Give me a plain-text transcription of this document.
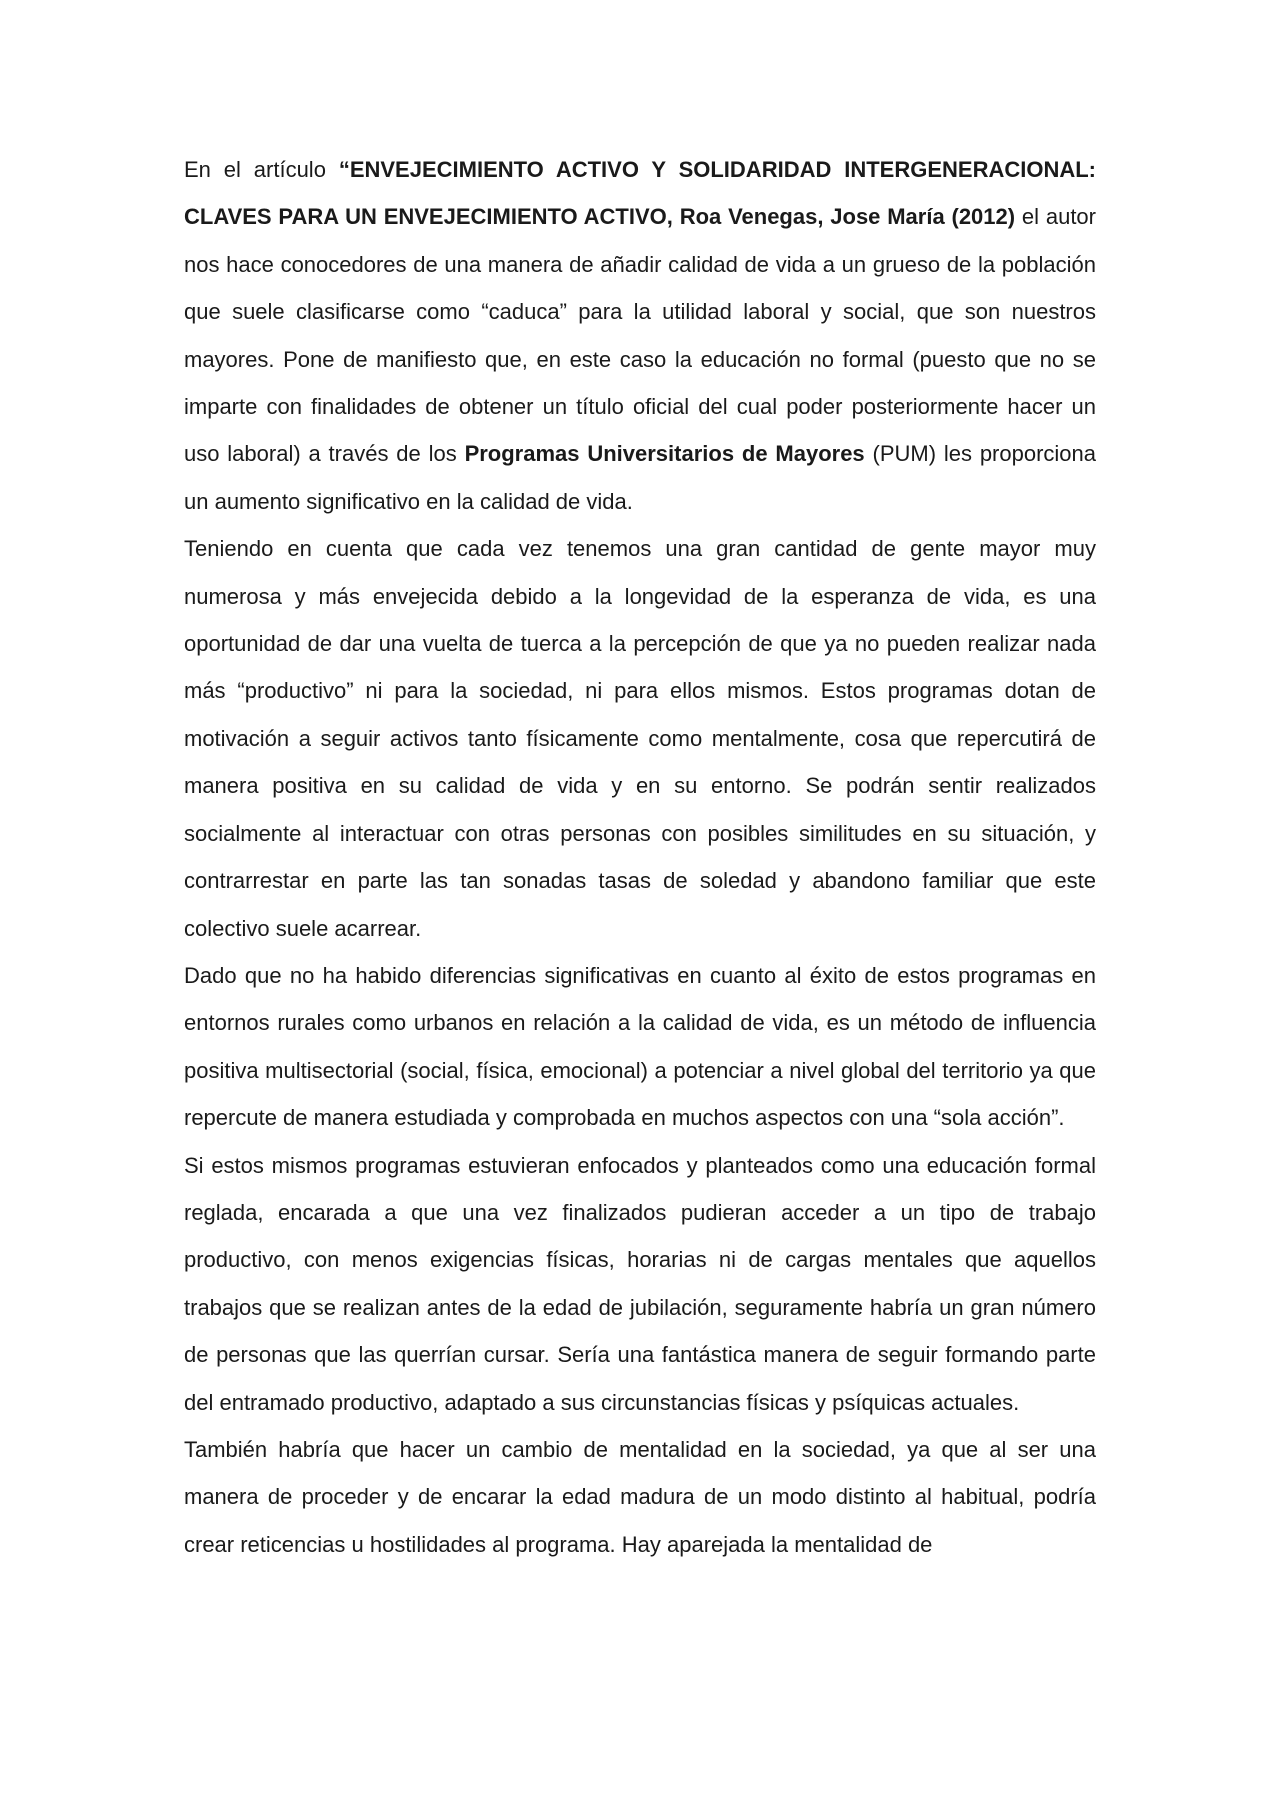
En el artículo “ENVEJECIMIENTO ACTIVO Y SOLIDARIDAD INTERGENERACIONAL: CLAVES PARA UN ENVEJECIMIENTO ACTIVO, Roa Venegas, Jose María (2012) el autor nos hace conocedores de una manera de añadir calidad de vida a un grueso de la población que suele clasificarse como “caduca” para la utilidad laboral y social, que son nuestros mayores. Pone de manifiesto que, en este caso la educación no formal (puesto que no se imparte con finalidades de obtener un título oficial del cual poder posteriormente hacer un uso laboral) a través de los Programas Universitarios de Mayores (PUM) les proporciona un aumento significativo en la calidad de vida.

Teniendo en cuenta que cada vez tenemos una gran cantidad de gente mayor muy numerosa y más envejecida debido a la longevidad de la esperanza de vida, es una oportunidad de dar una vuelta de tuerca a la percepción de que ya no pueden realizar nada más “productivo” ni para la sociedad, ni para ellos mismos. Estos programas dotan de motivación a seguir activos tanto físicamente como mentalmente, cosa que repercutirá de manera positiva en su calidad de vida y en su entorno. Se podrán sentir realizados socialmente al interactuar con otras personas con posibles similitudes en su situación, y contrarrestar en parte las tan sonadas tasas de soledad y abandono familiar que este colectivo suele acarrear.

Dado que no ha habido diferencias significativas en cuanto al éxito de estos programas en entornos rurales como urbanos en relación a la calidad de vida, es un método de influencia positiva multisectorial (social, física, emocional) a potenciar a nivel global del territorio ya que repercute de manera estudiada y comprobada en muchos aspectos con una “sola acción”.

Si estos mismos programas estuvieran enfocados y planteados como una educación formal reglada, encarada a que una vez finalizados pudieran acceder a un tipo de trabajo productivo, con menos exigencias físicas, horarias ni de cargas mentales que aquellos trabajos que se realizan antes de la edad de jubilación, seguramente habría un gran número de personas que las querrían cursar. Sería una fantástica manera de seguir formando parte del entramado productivo, adaptado a sus circunstancias físicas y psíquicas actuales.

También habría que hacer un cambio de mentalidad en la sociedad, ya que al ser una manera de proceder y de encarar la edad madura de un modo distinto al habitual, podría crear reticencias u hostilidades al programa. Hay aparejada la mentalidad de
